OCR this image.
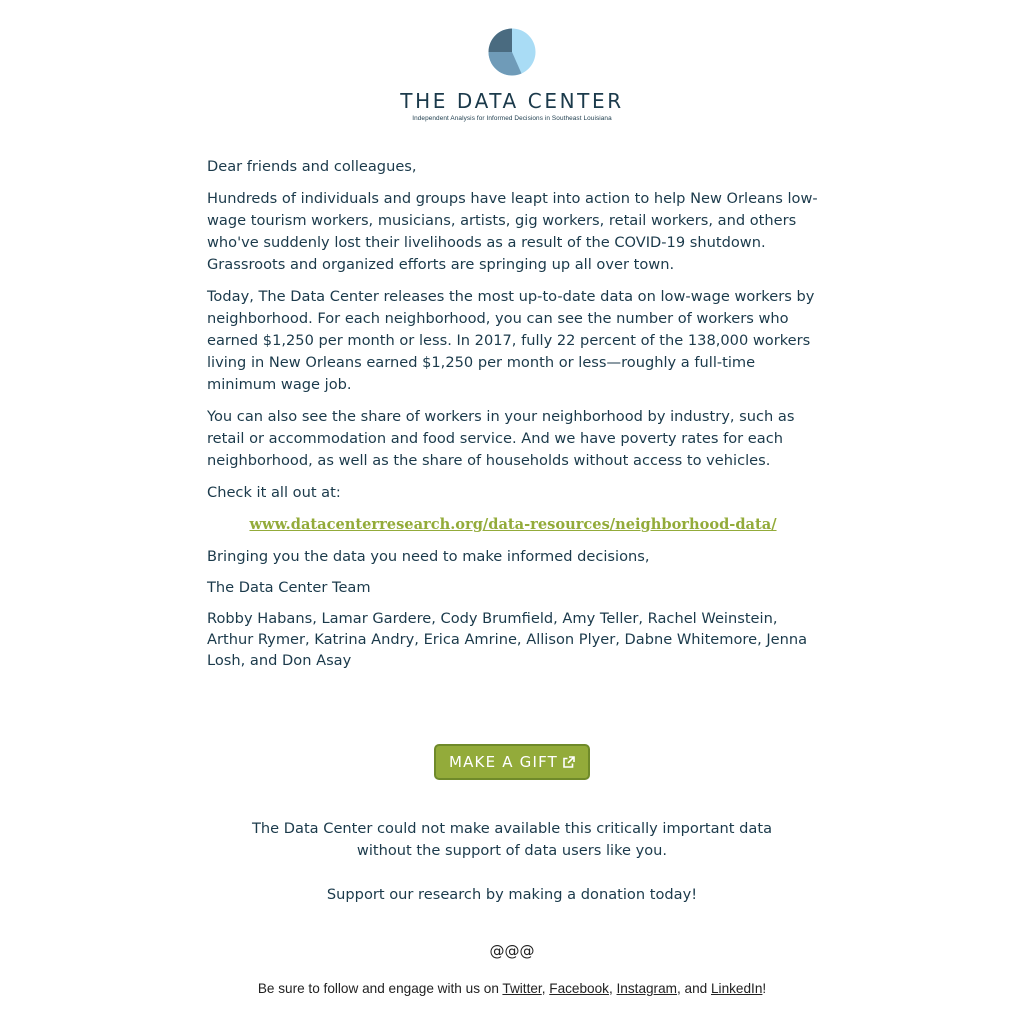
THE DATA CENTER
Independent Analysis for Informed Decisions in Southeast Louisiana

Dear friends and colleagues,

Hundreds of individuals and groups have leapt into action to help New Orleans low-wage tourism workers, musicians, artists, gig workers, retail workers, and others who've suddenly lost their livelihoods as a result of the COVID-19 shutdown. Grassroots and organized efforts are springing up all over town.

Today, The Data Center releases the most up-to-date data on low-wage workers by neighborhood. For each neighborhood, you can see the number of workers who earned $1,250 per month or less. In 2017, fully 22 percent of the 138,000 workers living in New Orleans earned $1,250 per month or less—roughly a full-time minimum wage job.

You can also see the share of workers in your neighborhood by industry, such as retail or accommodation and food service. And we have poverty rates for each neighborhood, as well as the share of households without access to vehicles.

Check it all out at:

www.datacenterresearch.org/data-resources/neighborhood-data/

Bringing you the data you need to make informed decisions,

The Data Center Team

Robby Habans, Lamar Gardere, Cody Brumfield, Amy Teller, Rachel Weinstein, Arthur Rymer, Katrina Andry, Erica Amrine, Allison Plyer, Dabne Whitemore, Jenna Losh, and Don Asay

MAKE A GIFT

The Data Center could not make available this critically important data

without the support of data users like you.

Support our research by making a donation today!

@@@
Be sure to follow and engage with us on Twitter, Facebook, Instagram, and LinkedIn!
